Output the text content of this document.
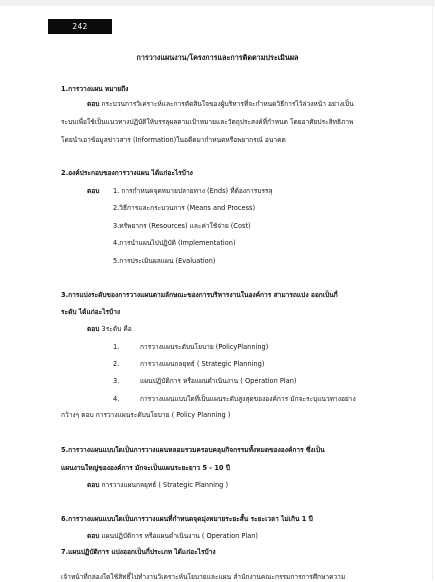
242
การวางแผนงาน/โครงการและการติดตามประเมินผล
1.การวางแผน หมายถึง
ตอบ กระบวนการวิเคราะห์และการตัดสินใจของผู้บริหารที่จะกำหนดวิธีการไว้ล่วงหน้า อย่างเป็น
ระบบเพื่อใช้เป็นแนวทางปฏิบัติให้บรรลุผลตามเป้าหมายและวัตถุประสงค์ที่กำหนด โดยอาศัยประสิทธิภาพ
โดยนำเอาข้อมูลข่าวสาร (Information)ในอดีตมากำหนดหรือพยากรณ์ อนาคต
2.องค์ประกอบของการวางแผน ได้แก่อะไรบ้าง
ตอบ 1. การกำหนดจุดหมายปลายทาง (Ends) ที่ต้องการบรรลุ
2.วิธีการและกระบวนการ (Means and Process)
3.ทรัพยากร (Resources) และค่าใช้จ่าย (Cost)
4.การนำแผนไปปฏิบัติ (Implementation)
5.การประเมินผลแผน (Evaluation)
3.การแบ่งระดับของการวางแผนตามลักษณะของการบริหารงานในองค์การ สามารถแบ่ง ออกเป็นกี่
ระดับ ได้แก่อะไรบ้าง
ตอบ 3ระดับ คือ
1.	การวางแผนระดับนโยบาย (PolicyPlanning)
2.	การวางแผนกลยุทธ์ ( Strategic Planning)
3.	แผนปฏิบัติการ หรือแผนดำเนินงาน ( Operation Plan)
4.	การวางแผนแบบใดที่เป็นแผนระดับสูงสุดขององค์การ มักจะระบุแนวทางอย่าง
กว้างๆ ตอบ การวางแผนระดับนโยบาย ( Policy Planning )
5.การวางแผนแบบใดเป็นการวางแผนหลอมรวมครอบคลุมกิจกรรมทั้งหมดขององค์การ ซึ่งเป็น
แผนงานใหญ่ขององค์การ มักจะเป็นแผนระยะยาว 5 - 10 ปี
ตอบ การวางแผนกลยุทธ์ ( Strategic Planning )
6.การวางแผนแบบใดเป็นการวางแผนที่กำหนดจุดมุ่งหมายระยะสั้น ระยะเวลา ไม่เกิน 1 ปี
ตอบ แผนปฏิบัติการ หรือแผนดำเนินงาน ( Operation Plan)
7.แผนปฏิบัติการ แบ่งออกเป็นกี่ประเภท ได้แก่อะไรบ้าง
เจ้าหน้าที่กล่องใดใช้สิทธิ์ไปทำงานวิเคราะห์นโยบายและแผน สำนักงานคณะกรรมการการศึกษาความ
